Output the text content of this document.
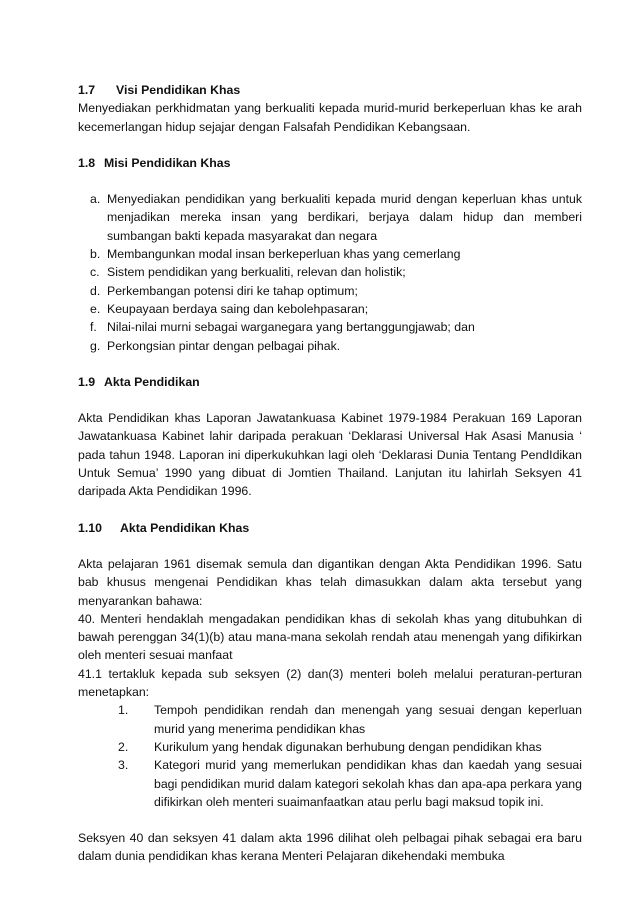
1.7 Visi Pendidikan Khas

Menyediakan perkhidmatan yang berkualiti kepada murid-murid berkeperluan khas ke arah kecemerlangan hidup sejajar dengan Falsafah Pendidikan Kebangsaan.

1.8 Misi Pendidikan Khas
a. Menyediakan pendidikan yang berkualiti kepada murid dengan keperluan khas untuk menjadikan mereka insan yang berdikari, berjaya dalam hidup dan memberi sumbangan bakti kepada masyarakat dan negara
b. Membangunkan modal insan berkeperluan khas yang cemerlang
c. Sistem pendidikan yang berkualiti, relevan dan holistik;
d. Perkembangan potensi diri ke tahap optimum;
e. Keupayaan berdaya saing dan kebolehpasaran;
f. Nilai-nilai murni sebagai warganegara yang bertanggungjawab; dan
g. Perkongsian pintar dengan pelbagai pihak.
1.9 Akta Pendidikan

Akta Pendidikan khas Laporan Jawatankuasa Kabinet 1979-1984 Perakuan 169 Laporan Jawatankuasa Kabinet lahir daripada perakuan ‘Deklarasi Universal Hak Asasi Manusia ‘ pada tahun 1948. Laporan ini diperkukuhkan lagi oleh ‘Deklarasi Dunia Tentang PendIdikan Untuk Semua’ 1990 yang dibuat di Jomtien Thailand. Lanjutan itu lahirlah Seksyen 41 daripada Akta Pendidikan 1996.

1.10 Akta Pendidikan Khas

Akta pelajaran 1961 disemak semula dan digantikan dengan Akta Pendidikan 1996. Satu bab khusus mengenai Pendidikan khas telah dimasukkan dalam akta tersebut yang menyarankan bahawa:

40. Menteri hendaklah mengadakan pendidikan khas di sekolah khas yang ditubuhkan di bawah perenggan 34(1)(b) atau mana-mana sekolah rendah atau menengah yang difikirkan oleh menteri sesuai manfaat

41.1 tertakluk kepada sub seksyen (2) dan(3) menteri boleh melalui peraturan-perturan menetapkan:

1. Tempoh pendidikan rendah dan menengah yang sesuai dengan keperluan murid yang menerima pendidikan khas
2. Kurikulum yang hendak digunakan berhubung dengan pendidikan khas
3. Kategori murid yang memerlukan pendidikan khas dan kaedah yang sesuai bagi pendidikan murid dalam kategori sekolah khas dan apa-apa perkara yang difikirkan oleh menteri suaimanfaatkan atau perlu bagi maksud topik ini.

Seksyen 40 dan seksyen 41 dalam akta 1996 dilihat oleh pelbagai pihak sebagai era baru dalam dunia pendidikan khas kerana Menteri Pelajaran dikehendaki membuka
